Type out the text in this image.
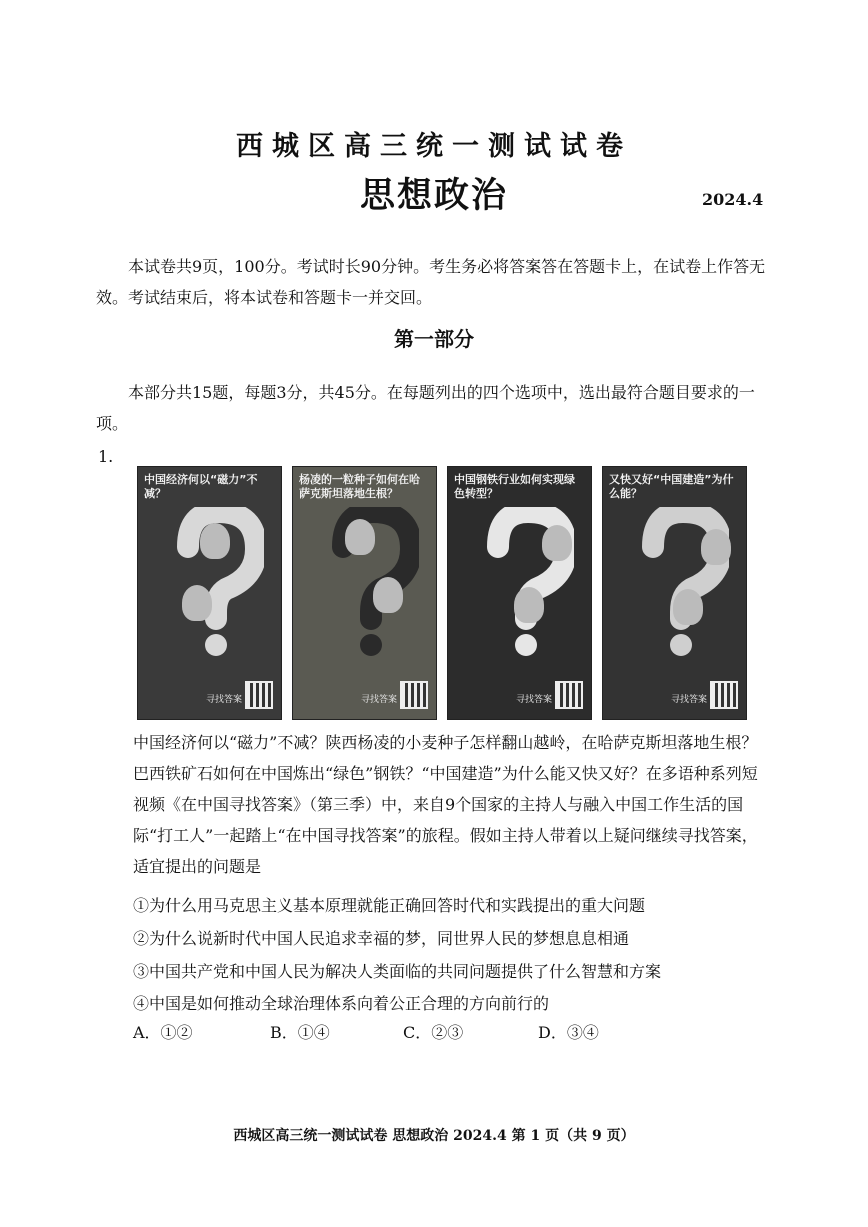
西城区高三统一测试试卷
思想政治	2024.4
本试卷共9页，100分。考试时长90分钟。考生务必将答案答在答题卡上，在试卷上作答无效。考试结束后，将本试卷和答题卡一并交回。
第一部分
本部分共15题，每题3分，共45分。在每题列出的四个选项中，选出最符合题目要求的一项。
1.
中国经济何以“磁力”不减？
寻找答案
杨凌的一粒种子如何在哈萨克斯坦落地生根？
寻找答案
中国钢铁行业如何实现绿色转型？
寻找答案
又快又好“中国建造”为什么能？
寻找答案
中国经济何以“磁力”不减？陕西杨凌的小麦种子怎样翻山越岭，在哈萨克斯坦落地生根？巴西铁矿石如何在中国炼出“绿色”钢铁？“中国建造”为什么能又快又好？在多语种系列短视频《在中国寻找答案》（第三季）中，来自9个国家的主持人与融入中国工作生活的国际“打工人”一起踏上“在中国寻找答案”的旅程。假如主持人带着以上疑问继续寻找答案，适宜提出的问题是
①为什么用马克思主义基本原理就能正确回答时代和实践提出的重大问题
②为什么说新时代中国人民追求幸福的梦，同世界人民的梦想息息相通
③中国共产党和中国人民为解决人类面临的共同问题提供了什么智慧和方案
④中国是如何推动全球治理体系向着公正合理的方向前行的
A．①②	B．①④	C．②③	D．③④
西城区高三统一测试试卷 思想政治 2024.4 第 1 页（共 9 页）
